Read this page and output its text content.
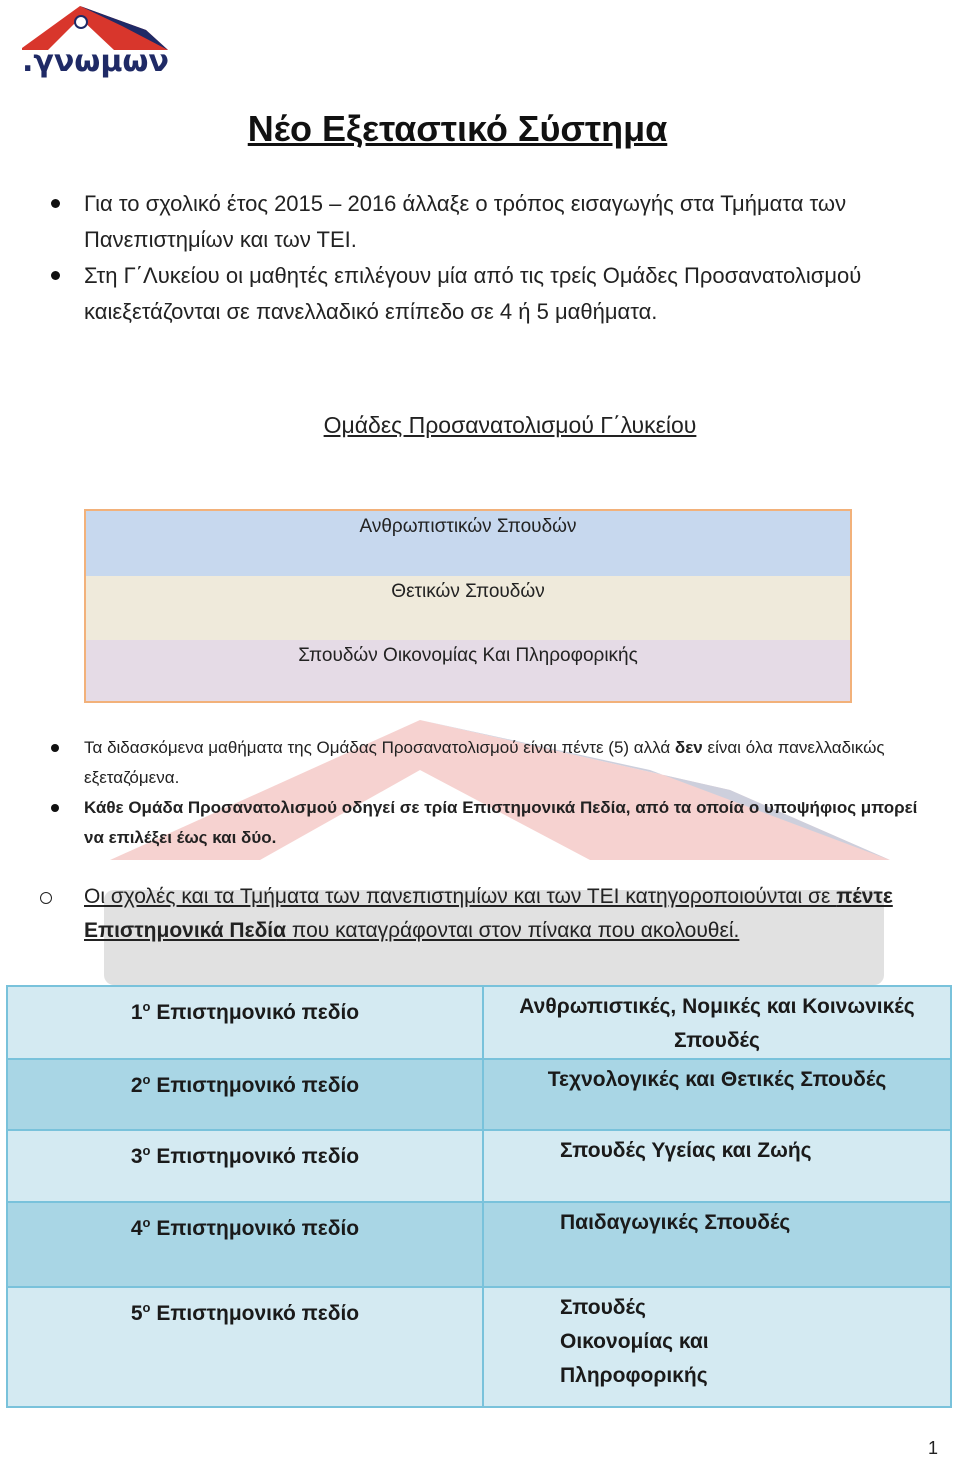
.γνωμων
Νέο Εξεταστικό Σύστημα
Για το σχολικό έτος 2015 – 2016 άλλαξε ο τρόπος εισαγωγής στα Τμήματα των Πανεπιστημίων και των ΤΕΙ.
Στη Γ΄Λυκείου οι μαθητές επιλέγουν μία από τις τρείς Ομάδες Προσανατολισμού καιεξετάζονται σε πανελλαδικό επίπεδο σε 4 ή 5 μαθήματα.
Ομάδες Προσανατολισμού Γ΄λυκείου
Ανθρωπιστικών Σπουδών
Θετικών Σπουδών
Σπουδών Οικονομίας Και Πληροφορικής
Τα διδασκόμενα μαθήματα της Ομάδας Προσανατολισμού είναι πέντε (5) αλλά δεν είναι όλα πανελλαδικώς εξεταζόμενα.
Κάθε Ομάδα Προσανατολισμού οδηγεί σε τρία Επιστημονικά Πεδία, από τα οποία ο υποψήφιος μπορεί να επιλέξει έως και δύο.
Οι σχολές και τα Τμήματα των πανεπιστημίων και των ΤΕΙ κατηγοροποιούνται σε πέντε Επιστημονικά Πεδία που καταγράφονται στον πίνακα που ακολουθεί.
$1^o$ Επιστημονικό πεδίο	Ανθρωπιστικές, Νομικές και Κοινωνικές Σπουδές

$2^o$ Επιστημονικό πεδίο	Τεχνολογικές και Θετικές Σπουδές

$3^o$ Επιστημονικό πεδίο	Σπουδές Υγείας και Ζωής

$4^o$ Επιστημονικό πεδίο	Παιδαγωγικές Σπουδές

$5^o$ Επιστημονικό πεδίο	Σπουδές Οικονομίας και Πληροφορικής
1
